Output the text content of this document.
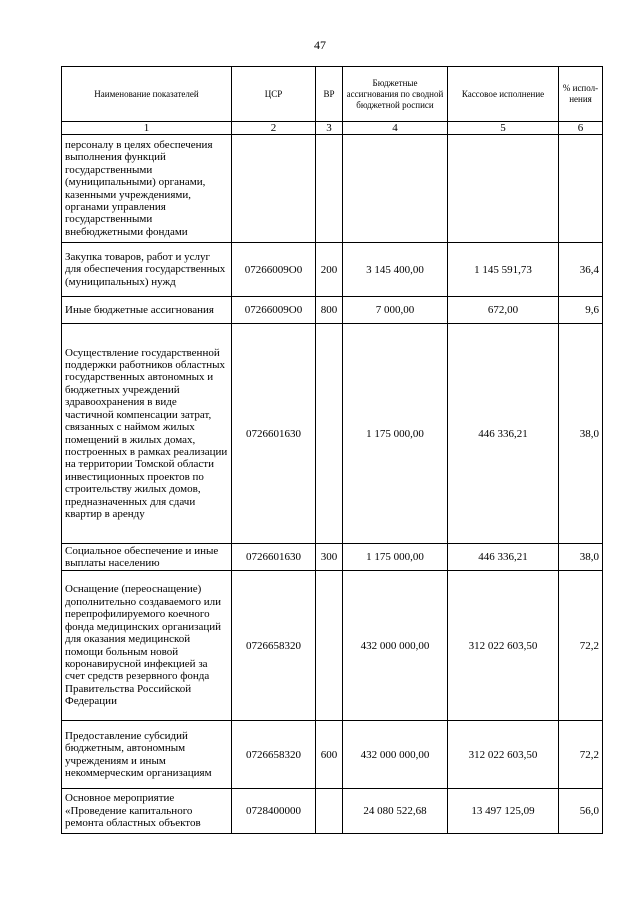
47
Наименование показателей	ЦСР	ВР	Бюджетные ассигнования по сводной бюджетной росписи	Кассовое исполнение	% испол-нения
1	2	3	4	5	6
персоналу в целях обеспечения выполнения функций государственными (муниципальными) органами, казенными учреждениями, органами управления государственными внебюджетными фондами					
Закупка товаров, работ и услуг для обеспечения государственных (муниципальных) нужд	07266009О0	200	3 145 400,00	1 145 591,73	36,4
Иные бюджетные ассигнования	07266009О0	800	7 000,00	672,00	9,6
Осуществление государственной поддержки работников областных государственных автономных и бюджетных учреждений здравоохранения в виде частичной компенсации затрат, связанных с наймом жилых помещений в жилых домах, построенных в рамках реализации на территории Томской области инвестиционных проектов по строительству жилых домов, предназначенных для сдачи квартир в аренду	0726601630		1 175 000,00	446 336,21	38,0
Социальное обеспечение и иные выплаты населению	0726601630	300	1 175 000,00	446 336,21	38,0
Оснащение (переоснащение) дополнительно создаваемого или перепрофилируемого коечного фонда медицинских организаций для оказания медицинской помощи больным новой коронавирусной инфекцией за счет средств резервного фонда Правительства Российской Федерации	0726658320		432 000 000,00	312 022 603,50	72,2
Предоставление субсидий бюджетным, автономным учреждениям и иным некоммерческим организациям	0726658320	600	432 000 000,00	312 022 603,50	72,2
Основное мероприятие «Проведение капитального ремонта областных объектов	0728400000		24 080 522,68	13 497 125,09	56,0
